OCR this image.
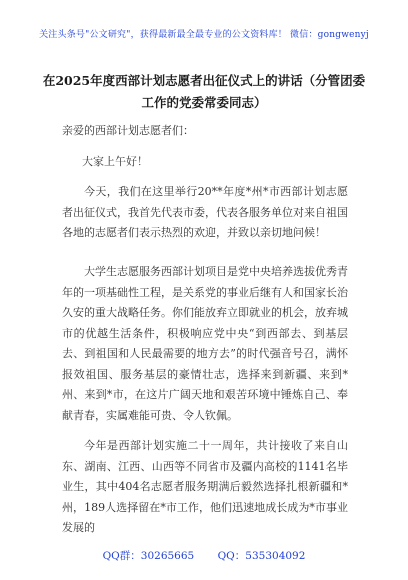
关注头条号"公文研究"，获得最新最全最专业的公文资料库！ 微信：gongwenyj
在2025年度西部计划志愿者出征仪式上的讲话（分管团委工作的党委常委同志）
亲爱的西部计划志愿者们：
大家上午好！
今天，我们在这里举行20**年度*州*市西部计划志愿者出征仪式，我首先代表市委，代表各服务单位对来自祖国各地的志愿者们表示热烈的欢迎，并致以亲切地问候！
大学生志愿服务西部计划项目是党中央培养选拔优秀青年的一项基础性工程，是关系党的事业后继有人和国家长治久安的重大战略任务。你们能放弃立即就业的机会，放弃城市的优越生活条件，积极响应党中央“到西部去、到基层去、到祖国和人民最需要的地方去”的时代强音号召，满怀报效祖国、服务基层的豪情壮志，选择来到新疆、来到*州、来到*市，在这片广阔天地和艰苦环境中锤炼自己、奉献青春，实属难能可贵、令人钦佩。
今年是西部计划实施二十一周年，共计接收了来自山东、湖南、江西、山西等不同省市及疆内高校的1141名毕业生，其中404名志愿者服务期满后毅然选择扎根新疆和*州，189人选择留在*市工作，他们迅速地成长成为*市事业发展的
QQ群：30265665 QQ：535304092
